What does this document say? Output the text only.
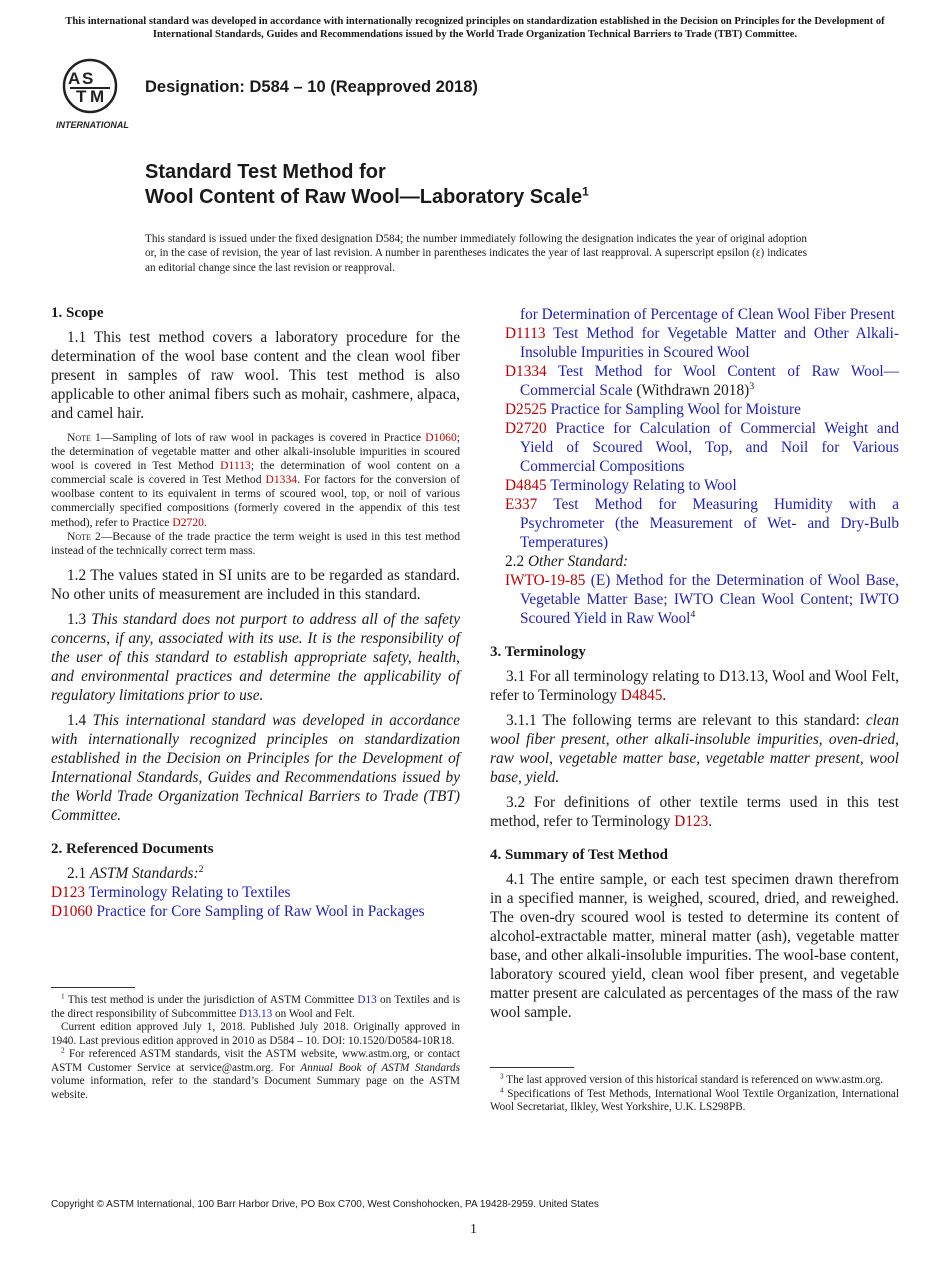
This international standard was developed in accordance with internationally recognized principles on standardization established in the Decision on Principles for the Development of International Standards, Guides and Recommendations issued by the World Trade Organization Technical Barriers to Trade (TBT) Committee.

A S
T M
INTERNATIONAL

Designation: D584 – 10 (Reapproved 2018)

Standard Test Method for
Wool Content of Raw Wool—Laboratory Scale$^1$

This standard is issued under the fixed designation D584; the number immediately following the designation indicates the year of original adoption or, in the case of revision, the year of last revision. A number in parentheses indicates the year of last reapproval. A superscript epsilon (ε) indicates an editorial change since the last revision or reapproval.

1. Scope

1.1 This test method covers a laboratory procedure for the determination of the wool base content and the clean wool fiber present in samples of raw wool. This test method is also applicable to other animal fibers such as mohair, cashmere, alpaca, and camel hair.

Note 1—Sampling of lots of raw wool in packages is covered in Practice D1060; the determination of vegetable matter and other alkali-insoluble impurities in scoured wool is covered in Test Method D1113; the determination of wool content on a commercial scale is covered in Test Method D1334. For factors for the conversion of woolbase content to its equivalent in terms of scoured wool, top, or noil of various commercially specified compositions (formerly covered in the appendix of this test method), refer to Practice D2720.

Note 2—Because of the trade practice the term weight is used in this test method instead of the technically correct term mass.

1.2 The values stated in SI units are to be regarded as standard. No other units of measurement are included in this standard.

1.3 This standard does not purport to address all of the safety concerns, if any, associated with its use. It is the responsibility of the user of this standard to establish appropriate safety, health, and environmental practices and determine the applicability of regulatory limitations prior to use.

1.4 This international standard was developed in accordance with internationally recognized principles on standardization established in the Decision on Principles for the Development of International Standards, Guides and Recommendations issued by the World Trade Organization Technical Barriers to Trade (TBT) Committee.

2. Referenced Documents

2.1 ASTM Standards:$^2$

D123 Terminology Relating to Textiles

D1060 Practice for Core Sampling of Raw Wool in Packages

$^1$ This test method is under the jurisdiction of ASTM Committee D13 on Textiles and is the direct responsibility of Subcommittee D13.13 on Wool and Felt.

Current edition approved July 1, 2018. Published July 2018. Originally approved in 1940. Last previous edition approved in 2010 as D584 – 10. DOI: 10.1520/D0584-10R18.

$^2$ For referenced ASTM standards, visit the ASTM website, www.astm.org, or contact ASTM Customer Service at service@astm.org. For Annual Book of ASTM Standards volume information, refer to the standard’s Document Summary page on the ASTM website.

for Determination of Percentage of Clean Wool Fiber Present

D1113 Test Method for Vegetable Matter and Other Alkali-Insoluble Impurities in Scoured Wool

D1334 Test Method for Wool Content of Raw Wool—Commercial Scale (Withdrawn 2018)$^3$

D2525 Practice for Sampling Wool for Moisture

D2720 Practice for Calculation of Commercial Weight and Yield of Scoured Wool, Top, and Noil for Various Commercial Compositions

D4845 Terminology Relating to Wool

E337 Test Method for Measuring Humidity with a Psychrometer (the Measurement of Wet- and Dry-Bulb Temperatures)

2.2 Other Standard:

IWTO-19-85 (E) Method for the Determination of Wool Base, Vegetable Matter Base; IWTO Clean Wool Content; IWTO Scoured Yield in Raw Wool$^4$

3. Terminology

3.1 For all terminology relating to D13.13, Wool and Wool Felt, refer to Terminology D4845.

3.1.1 The following terms are relevant to this standard: clean wool fiber present, other alkali-insoluble impurities, oven-dried, raw wool, vegetable matter base, vegetable matter present, wool base, yield.

3.2 For definitions of other textile terms used in this test method, refer to Terminology D123.

4. Summary of Test Method

4.1 The entire sample, or each test specimen drawn therefrom in a specified manner, is weighed, scoured, dried, and reweighed. The oven-dry scoured wool is tested to determine its content of alcohol-extractable matter, mineral matter (ash), vegetable matter base, and other alkali-insoluble impurities. The wool-base content, laboratory scoured yield, clean wool fiber present, and vegetable matter present are calculated as percentages of the mass of the raw wool sample.

$^3$ The last approved version of this historical standard is referenced on www.astm.org.

$^4$ Specifications of Test Methods, International Wool Textile Organization, International Wool Secretariat, Ilkley, West Yorkshire, U.K. LS298PB.

Copyright © ASTM International, 100 Barr Harbor Drive, PO Box C700, West Conshohocken, PA 19428-2959. United States

1
